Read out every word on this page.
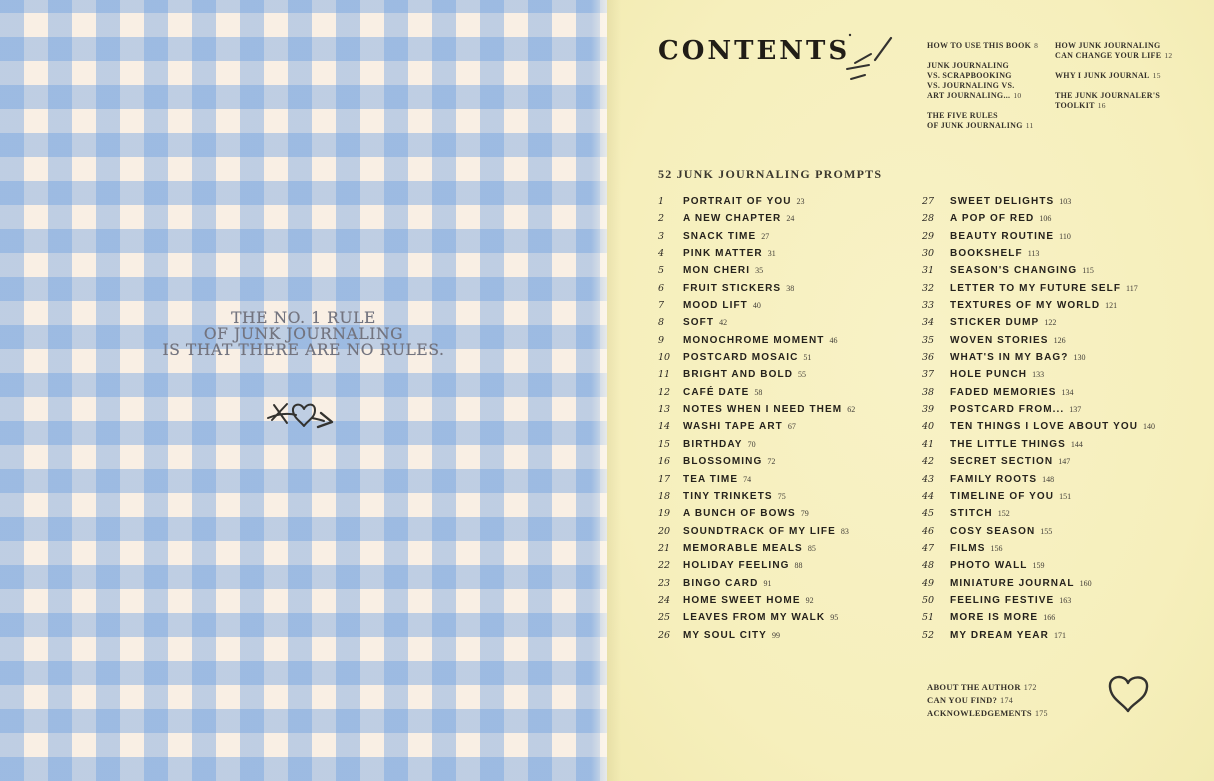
THE NO. 1 RULE
OF JUNK JOURNALING
IS THAT THERE ARE NO RULES.
CONTENTS	HOW TO USE THIS BOOK 8

JUNK JOURNALING
VS. SCRAPBOOKING
VS. JOURNALING VS.
ART JOURNALING... 10

THE FIVE RULES
OF JUNK JOURNALING 11

HOW JUNK JOURNALING
CAN CHANGE YOUR LIFE 12

WHY I JUNK JOURNAL 15

THE JUNK JOURNALER'S
TOOLKIT 16

52 JUNK JOURNALING PROMPTS
1	PORTRAIT OF YOU 23
2	A NEW CHAPTER 24
3	SNACK TIME 27
4	PINK MATTER 31
5	MON CHERI 35
6	FRUIT STICKERS 38
7	MOOD LIFT 40
8	SOFT 42
9	MONOCHROME MOMENT 46
10	POSTCARD MOSAIC 51
11	BRIGHT AND BOLD 55
12	CAFÉ DATE 58
13	NOTES WHEN I NEED THEM 62
14	WASHI TAPE ART 67
15	BIRTHDAY 70
16	BLOSSOMING 72
17	TEA TIME 74
18	TINY TRINKETS 75
19	A BUNCH OF BOWS 79
20	SOUNDTRACK OF MY LIFE 83
21	MEMORABLE MEALS 85
22	HOLIDAY FEELING 88
23	BINGO CARD 91
24	HOME SWEET HOME 92
25	LEAVES FROM MY WALK 95
26	MY SOUL CITY 99
27	SWEET DELIGHTS 103
28	A POP OF RED 106
29	BEAUTY ROUTINE 110
30	BOOKSHELF 113
31	SEASON'S CHANGING 115
32	LETTER TO MY FUTURE SELF 117
33	TEXTURES OF MY WORLD 121
34	STICKER DUMP 122
35	WOVEN STORIES 126
36	WHAT'S IN MY BAG? 130
37	HOLE PUNCH 133
38	FADED MEMORIES 134
39	POSTCARD FROM... 137
40	TEN THINGS I LOVE ABOUT YOU 140
41	THE LITTLE THINGS 144
42	SECRET SECTION 147
43	FAMILY ROOTS 148
44	TIMELINE OF YOU 151
45	STITCH 152
46	COSY SEASON 155
47	FILMS 156
48	PHOTO WALL 159
49	MINIATURE JOURNAL 160
50	FEELING FESTIVE 163
51	MORE IS MORE 166
52	MY DREAM YEAR 171
ABOUT THE AUTHOR 172
CAN YOU FIND? 174
ACKNOWLEDGEMENTS 175
